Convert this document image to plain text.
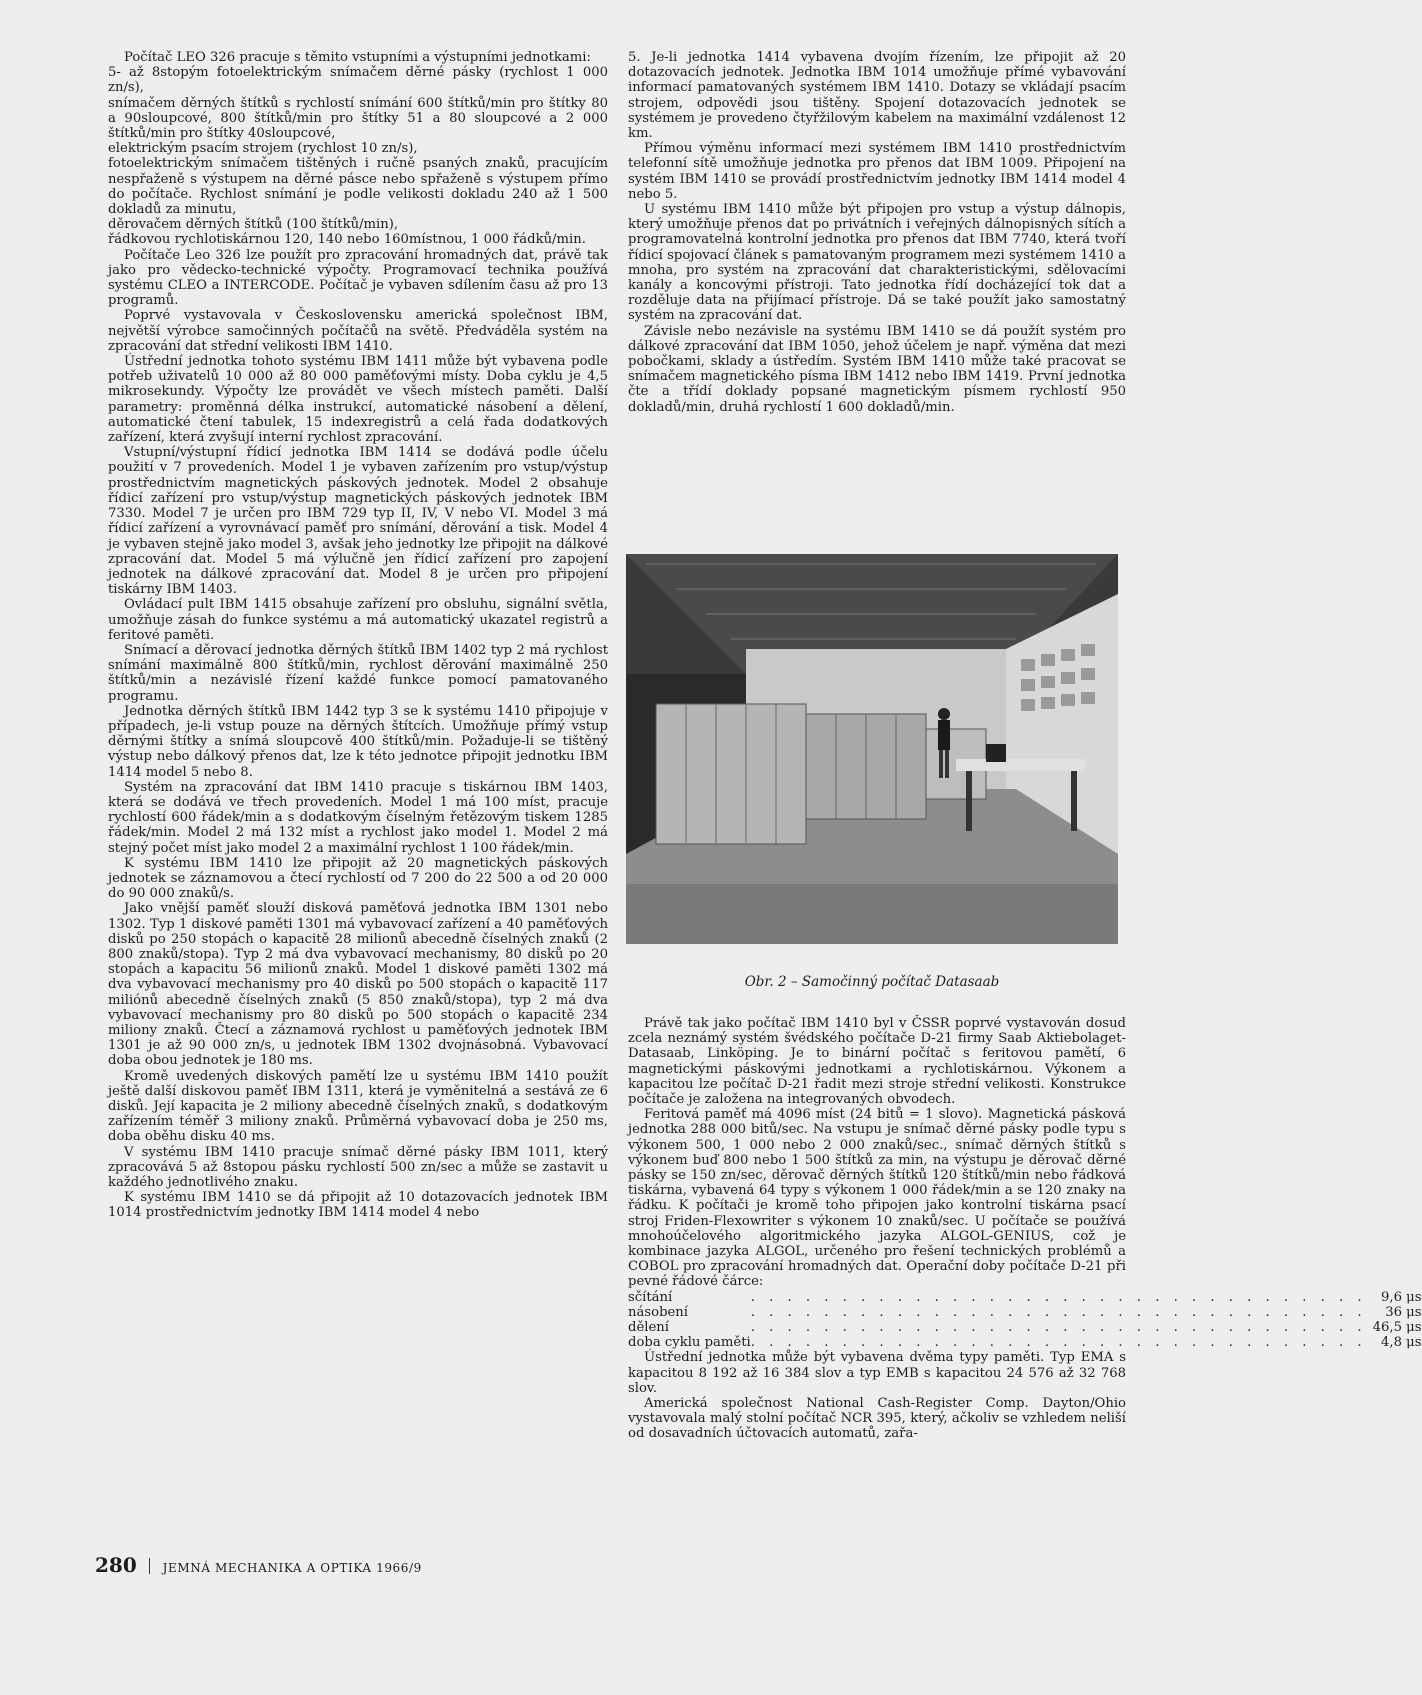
Počítač LEO 326 pracuje s těmito vstupními a výstupními jednotkami:

5- až 8stopým fotoelektrickým snímačem děrné pásky (rychlost 1 000 zn/s),

snímačem děrných štítků s rychlostí snímání 600 štítků/min pro štítky 80 a 90sloupcové, 800 štítků/min pro štítky 51 a 80 sloupcové a 2 000 štítků/min pro štítky 40sloupcové,

elektrickým psacím strojem (rychlost 10 zn/s),

fotoelektrickým snímačem tištěných i ručně psaných znaků, pracujícím nespřaženě s výstupem na děrné pásce nebo spřaženě s výstupem přímo do počítače. Rychlost snímání je podle velikosti dokladu 240 až 1 500 dokladů za minutu,

děrovačem děrných štítků (100 štítků/min),

řádkovou rychlotiskárnou 120, 140 nebo 160místnou, 1 000 řádků/min.

Počítače Leo 326 lze použít pro zpracování hromadných dat, právě tak jako pro vědecko-technické výpočty. Programovací technika používá systému CLEO a INTERCODE. Počítač je vybaven sdílením času až pro 13 programů.

Poprvé vystavovala v Československu americká společnost IBM, největší výrobce samočinných počítačů na světě. Předváděla systém na zpracování dat střední velikosti IBM 1410.

Ústřední jednotka tohoto systému IBM 1411 může být vybavena podle potřeb uživatelů 10 000 až 80 000 paměťovými místy. Doba cyklu je 4,5 mikrosekundy. Výpočty lze provádět ve všech místech paměti. Další parametry: proměnná délka instrukcí, automatické násobení a dělení, automatické čtení tabulek, 15 indexregistrů a celá řada dodatkových zařízení, která zvyšují interní rychlost zpracování.

Vstupní/výstupní řídicí jednotka IBM 1414 se dodává podle účelu použití v 7 provedeních. Model 1 je vybaven zařízením pro vstup/výstup prostřednictvím magnetických páskových jednotek. Model 2 obsahuje řídicí zařízení pro vstup/výstup magnetických páskových jednotek IBM 7330. Model 7 je určen pro IBM 729 typ II, IV, V nebo VI. Model 3 má řídicí zařízení a vyrovnávací paměť pro snímání, děrování a tisk. Model 4 je vybaven stejně jako model 3, avšak jeho jednotky lze připojit na dálkové zpracování dat. Model 5 má výlučně jen řídicí zařízení pro zapojení jednotek na dálkové zpracování dat. Model 8 je určen pro připojení tiskárny IBM 1403.

Ovládací pult IBM 1415 obsahuje zařízení pro obsluhu, signální světla, umožňuje zásah do funkce systému a má automatický ukazatel registrů a feritové paměti.

Snímací a děrovací jednotka děrných štítků IBM 1402 typ 2 má rychlost snímání maximálně 800 štítků/min, rychlost děrování maximálně 250 štítků/min a nezávislé řízení každé funkce pomocí pamatovaného programu.

Jednotka děrných štítků IBM 1442 typ 3 se k systému 1410 připojuje v případech, je-li vstup pouze na děrných štítcích. Umožňuje přímý vstup děrnými štítky a snímá sloupcově 400 štítků/min. Požaduje-li se tištěný výstup nebo dálkový přenos dat, lze k této jednotce připojit jednotku IBM 1414 model 5 nebo 8.

Systém na zpracování dat IBM 1410 pracuje s tiskárnou IBM 1403, která se dodává ve třech provedeních. Model 1 má 100 míst, pracuje rychlostí 600 řádek/min a s dodatkovým číselným řetězovým tiskem 1285 řádek/min. Model 2 má 132 míst a rychlost jako model 1. Model 2 má stejný počet míst jako model 2 a maximální rychlost 1 100 řádek/min.

K systému IBM 1410 lze připojit až 20 magnetických páskových jednotek se záznamovou a čtecí rychlostí od 7 200 do 22 500 a od 20 000 do 90 000 znaků/s.

Jako vnější paměť slouží disková paměťová jednotka IBM 1301 nebo 1302. Typ 1 diskové paměti 1301 má vybavovací zařízení a 40 paměťových disků po 250 stopách o kapacitě 28 milionů abecedně číselných znaků (2 800 znaků/stopa). Typ 2 má dva vybavovací mechanismy, 80 disků po 20 stopách a kapacitu 56 milionů znaků. Model 1 diskové paměti 1302 má dva vybavovací mechanismy pro 40 disků po 500 stopách o kapacitě 117 miliónů abecedně číselných znaků (5 850 znaků/stopa), typ 2 má dva vybavovací mechanismy pro 80 disků po 500 stopách o kapacitě 234 miliony znaků. Čtecí a záznamová rychlost u paměťových jednotek IBM 1301 je až 90 000 zn/s, u jednotek IBM 1302 dvojnásobná. Vybavovací doba obou jednotek je 180 ms.

Kromě uvedených diskových pamětí lze u systému IBM 1410 použít ještě další diskovou paměť IBM 1311, která je vyměnitelná a sestává ze 6 disků. Její kapacita je 2 miliony abecedně číselných znaků, s dodatkovým zařízením téměř 3 miliony znaků. Průměrná vybavovací doba je 250 ms, doba oběhu disku 40 ms.

V systému IBM 1410 pracuje snímač děrné pásky IBM 1011, který zpracovává 5 až 8stopou pásku rychlostí 500 zn/sec a může se zastavit u každého jednotlivého znaku.

K systému IBM 1410 se dá připojit až 10 dotazovacích jednotek IBM 1014 prostřednictvím jednotky IBM 1414 model 4 nebo

5. Je-li jednotka 1414 vybavena dvojím řízením, lze připojit až 20 dotazovacích jednotek. Jednotka IBM 1014 umožňuje přímé vybavování informací pamatovaných systémem IBM 1410. Dotazy se vkládají psacím strojem, odpovědi jsou tištěny. Spojení dotazovacích jednotek se systémem je provedeno čtyřžilovým kabelem na maximální vzdálenost 12 km.

Přímou výměnu informací mezi systémem IBM 1410 prostřednictvím telefonní sítě umožňuje jednotka pro přenos dat IBM 1009. Připojení na systém IBM 1410 se provádí prostřednictvím jednotky IBM 1414 model 4 nebo 5.

U systému IBM 1410 může být připojen pro vstup a výstup dálnopis, který umožňuje přenos dat po privátních i veřejných dálnopisných sítích a programovatelná kontrolní jednotka pro přenos dat IBM 7740, která tvoří řídicí spojovací článek s pamatovaným programem mezi systémem 1410 a mnoha, pro systém na zpracování dat charakteristickými, sdělovacími kanály a koncovými přístroji. Tato jednotka řídí docházející tok dat a rozděluje data na přijímací přístroje. Dá se také použít jako samostatný systém na zpracování dat.

Závisle nebo nezávisle na systému IBM 1410 se dá použít systém pro dálkové zpracování dat IBM 1050, jehož účelem je např. výměna dat mezi pobočkami, sklady a ústředím. Systém IBM 1410 může také pracovat se snímačem magnetického písma IBM 1412 nebo IBM 1419. První jednotka čte a třídí doklady popsané magnetickým písmem rychlostí 950 dokladů/min, druhá rychlostí 1 600 dokladů/min.

Obr. 2 – Samočinný počítač Datasaab

Právě tak jako počítač IBM 1410 byl v ČSSR poprvé vystavován dosud zcela neznámý systém švédského počítače D-21 firmy Saab Aktiebolaget-Datasaab, Linköping. Je to binární počítač s feritovou pamětí, 6 magnetickými páskovými jednotkami a rychlotiskárnou. Výkonem a kapacitou lze počítač D-21 řadit mezi stroje střední velikosti. Konstrukce počítače je založena na integrovaných obvodech.

Feritová paměť má 4096 míst (24 bitů = 1 slovo). Magnetická pásková jednotka 288 000 bitů/sec. Na vstupu je snímač děrné pásky podle typu s výkonem 500, 1 000 nebo 2 000 znaků/sec., snímač děrných štítků s výkonem buď 800 nebo 1 500 štítků za min, na výstupu je děrovač děrné pásky se 150 zn/sec, děrovač děrných štítků 120 štítků/min nebo řádková tiskárna, vybavená 64 typy s výkonem 1 000 řádek/min a se 120 znaky na řádku. K počítači je kromě toho připojen jako kontrolní tiskárna psací stroj Friden-Flexowriter s výkonem 10 znaků/sec. U počítače se používá mnohoúčelového algoritmického jazyka ALGOL-GENIUS, což je kombinace jazyka ALGOL, určeného pro řešení technických problémů a COBOL pro zpracování hromadných dat. Operační doby počítače D-21 při pevné řádové čárce:

sčítání	. . . . . . . . . . . . . . . . . . . . . . . . . . . . . . . . . .	9,6 μs
násobení	. . . . . . . . . . . . . . . . . . . . . . . . . . . . . . . . . .	36 μs
dělení	. . . . . . . . . . . . . . . . . . . . . . . . . . . . . . . . . .	46,5 μs
doba cyklu paměti	. . . . . . . . . . . . . . . . . . . . . . . . . . . . . . . . . .	4,8 μs

Ústřední jednotka může být vybavena dvěma typy paměti. Typ EMA s kapacitou 8 192 až 16 384 slov a typ EMB s kapacitou 24 576 až 32 768 slov.

Americká společnost National Cash-Register Comp. Dayton/Ohio vystavovala malý stolní počítač NCR 395, který, ačkoliv se vzhledem neliší od dosavadních účtovacích automatů, zařa-

280 JEMNÁ MECHANIKA A OPTIKA 1966/9
